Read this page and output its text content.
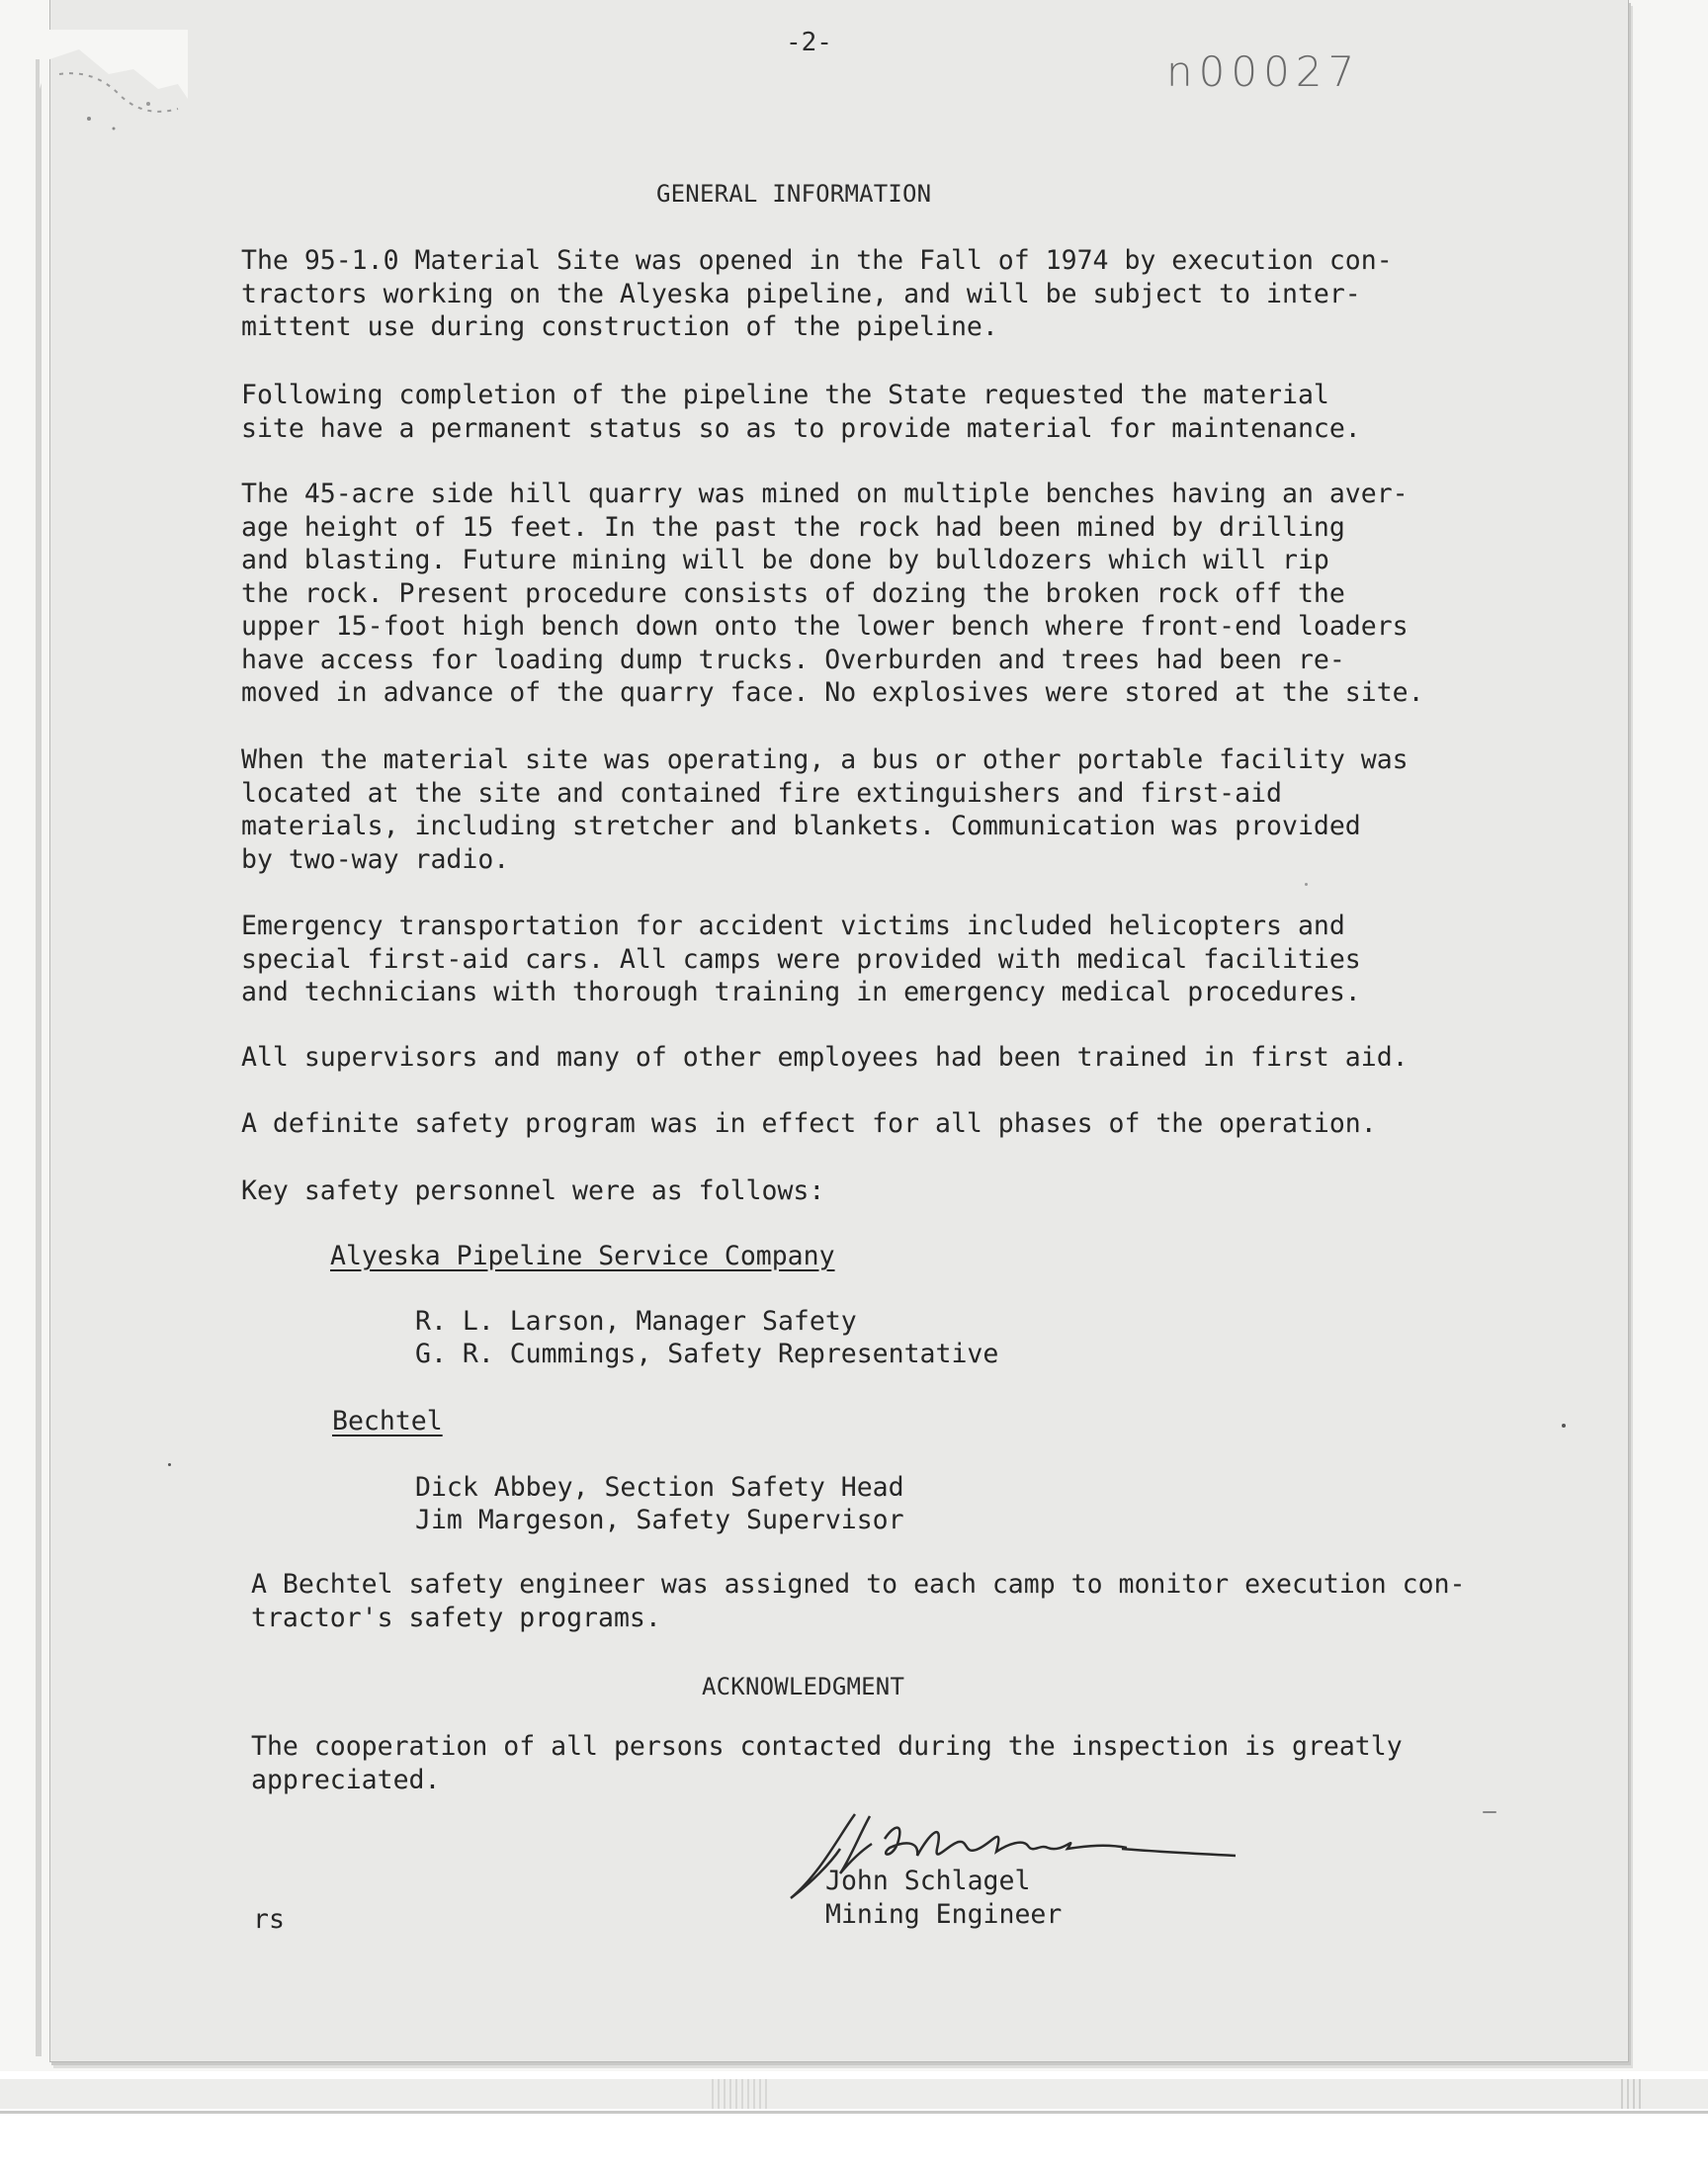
-2-
n00027
GENERAL INFORMATION

The 95-1.0 Material Site was opened in the Fall of 1974 by execution con-
tractors working on the Alyeska pipeline, and will be subject to inter-
mittent use during construction of the pipeline.

Following completion of the pipeline the State requested the material
site have a permanent status so as to provide material for maintenance.

The 45-acre side hill quarry was mined on multiple benches having an aver-
age height of 15 feet. In the past the rock had been mined by drilling
and blasting. Future mining will be done by bulldozers which will rip
the rock. Present procedure consists of dozing the broken rock off the
upper 15-foot high bench down onto the lower bench where front-end loaders
have access for loading dump trucks. Overburden and trees had been re-
moved in advance of the quarry face. No explosives were stored at the site.

When the material site was operating, a bus or other portable facility was
located at the site and contained fire extinguishers and first-aid
materials, including stretcher and blankets. Communication was provided
by two-way radio.

Emergency transportation for accident victims included helicopters and
special first-aid cars. All camps were provided with medical facilities
and technicians with thorough training in emergency medical procedures.

All supervisors and many of other employees had been trained in first aid.

A definite safety program was in effect for all phases of the operation.

Key safety personnel were as follows:

Alyeska Pipeline Service Company
R. L. Larson, Manager Safety
G. R. Cummings, Safety Representative
Bechtel
Dick Abbey, Section Safety Head
Jim Margeson, Safety Supervisor

A Bechtel safety engineer was assigned to each camp to monitor execution con-
tractor's safety programs.

ACKNOWLEDGMENT

The cooperation of all persons contacted during the inspection is greatly
appreciated.

John Schlagel
Mining Engineer
rs
